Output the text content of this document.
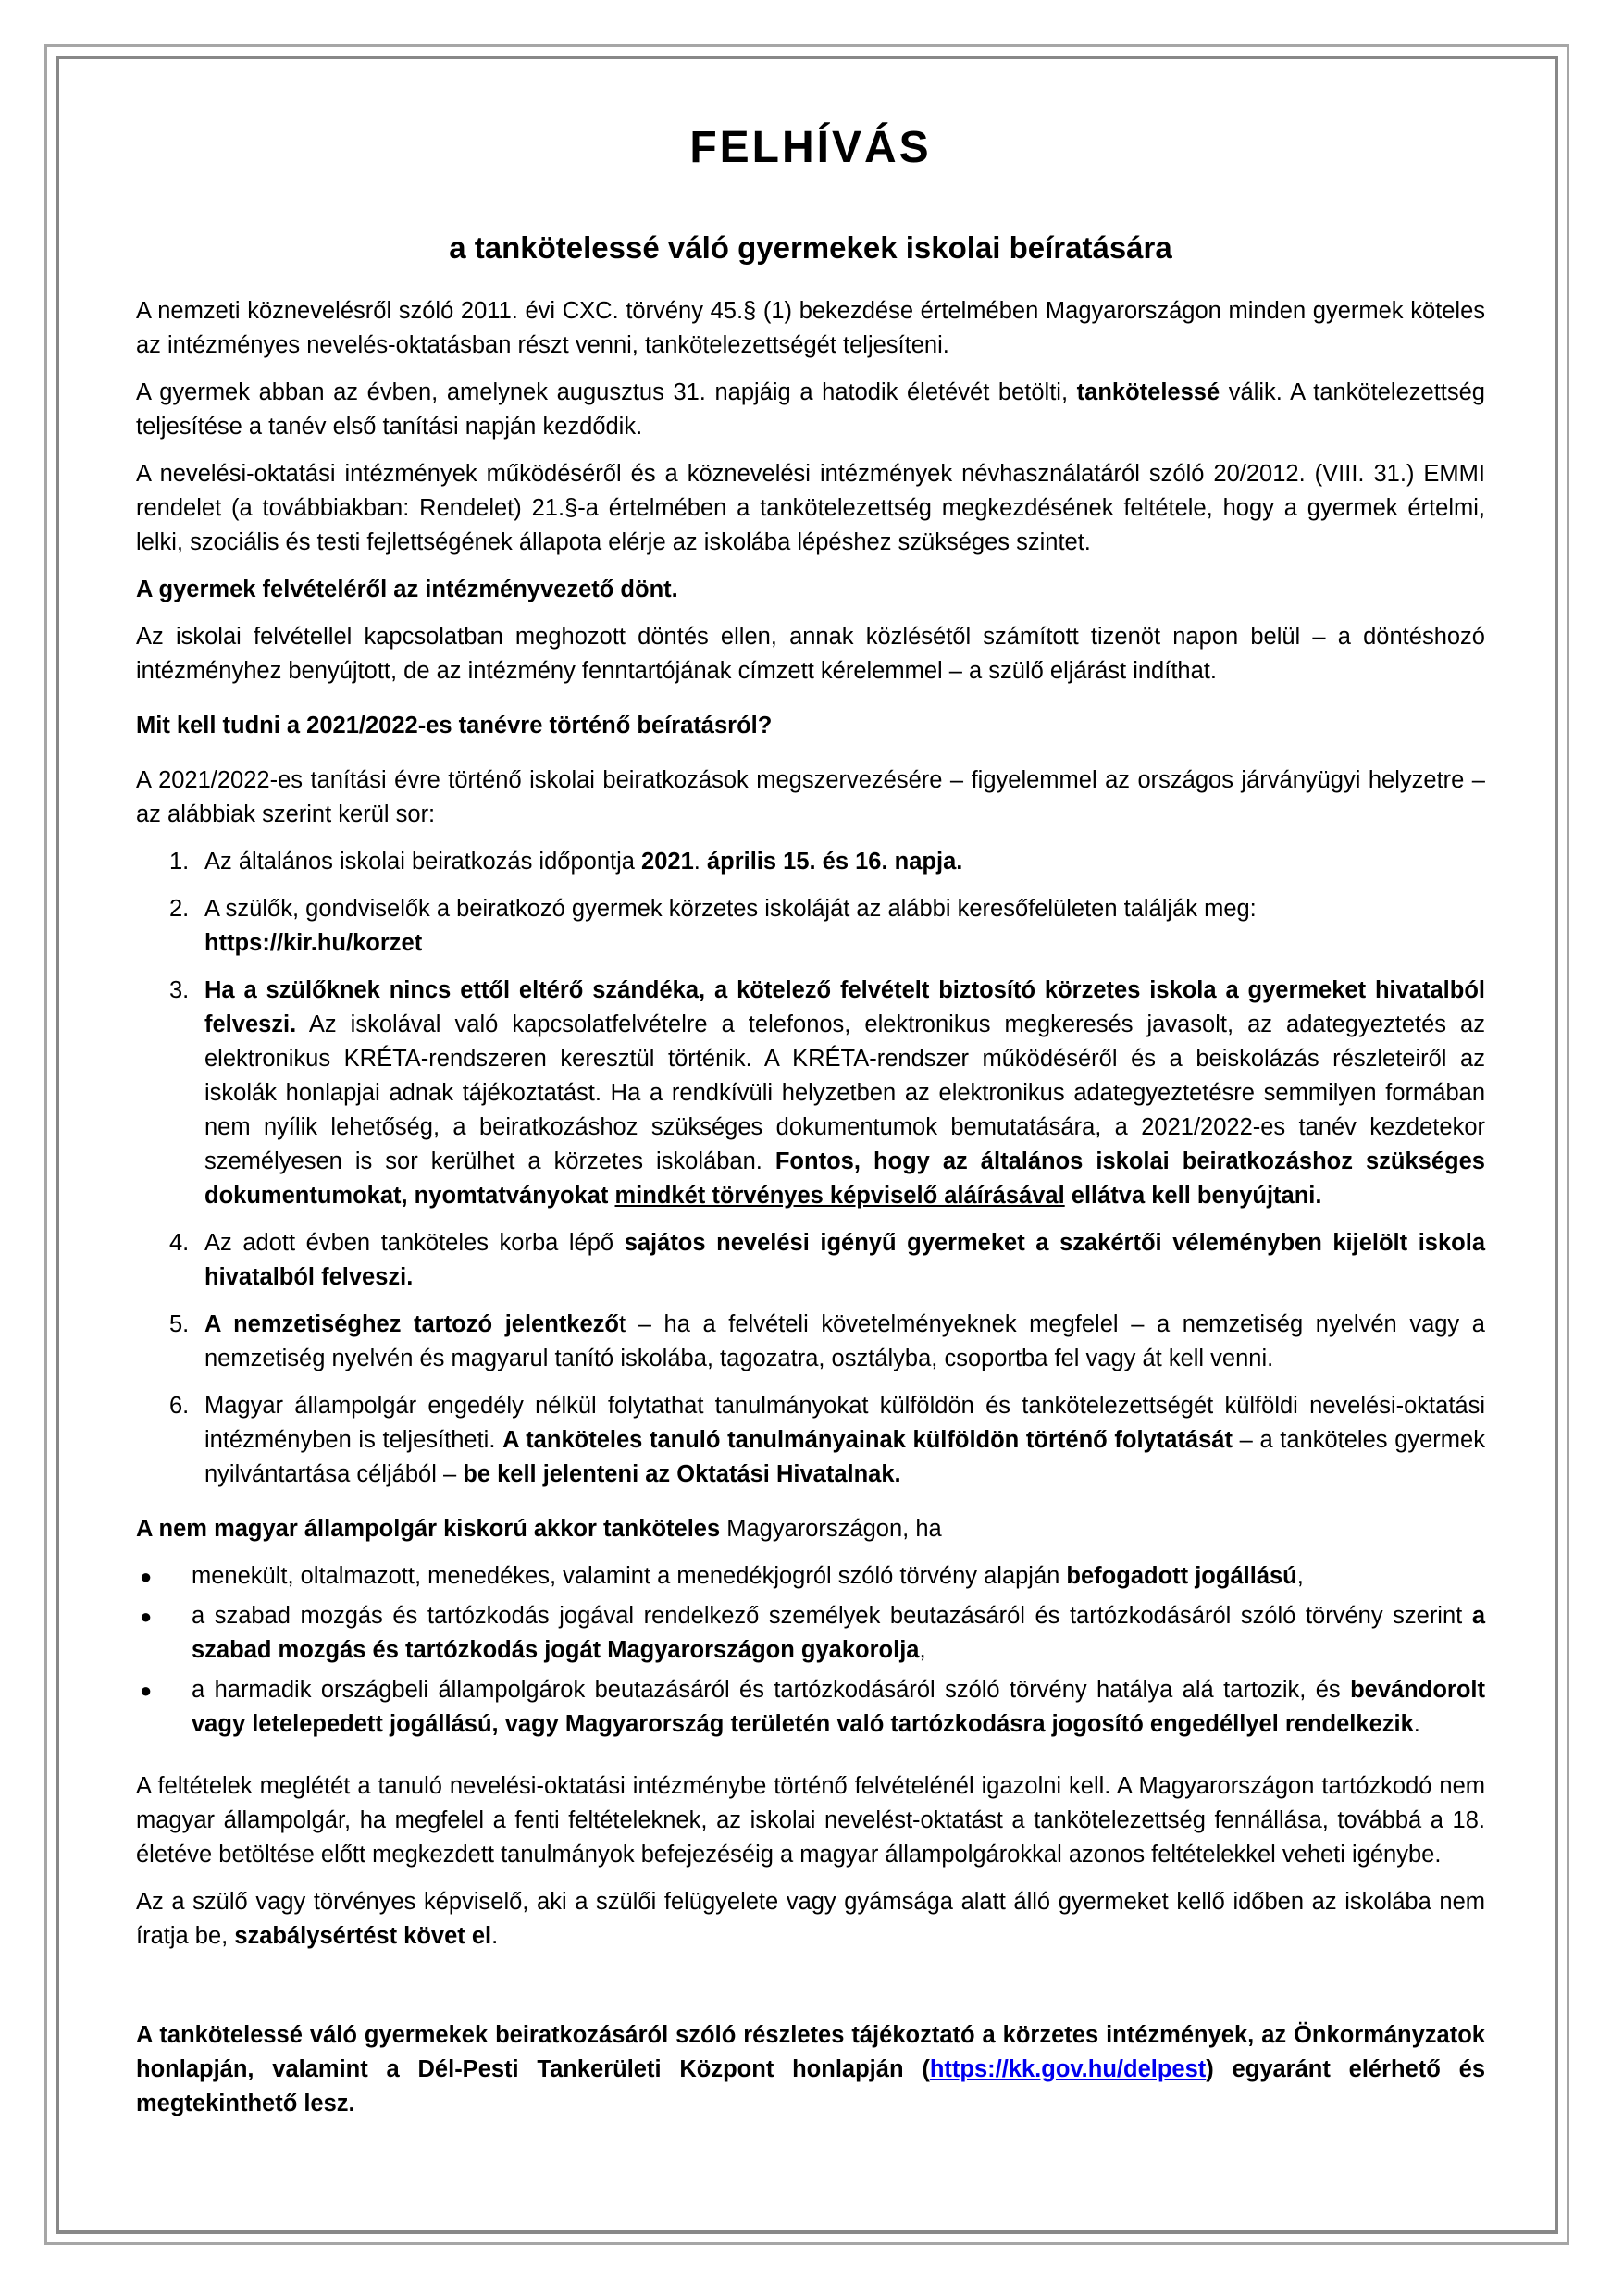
FELHÍVÁS
a tankötelessé váló gyermekek iskolai beíratására

A nemzeti köznevelésről szóló 2011. évi CXC. törvény 45.§ (1) bekezdése értelmében Magyarországon minden gyermek köteles az intézményes nevelés-oktatásban részt venni, tankötelezettségét teljesíteni.

A gyermek abban az évben, amelynek augusztus 31. napjáig a hatodik életévét betölti, tankötelessé válik. A tankötelezettség teljesítése a tanév első tanítási napján kezdődik.

A nevelési-oktatási intézmények működéséről és a köznevelési intézmények névhasználatáról szóló 20/2012. (VIII. 31.) EMMI rendelet (a továbbiakban: Rendelet) 21.§-a értelmében a tankötelezettség megkezdésének feltétele, hogy a gyermek értelmi, lelki, szociális és testi fejlettségének állapota elérje az iskolába lépéshez szükséges szintet.

A gyermek felvételéről az intézményvezető dönt.

Az iskolai felvétellel kapcsolatban meghozott döntés ellen, annak közlésétől számított tizenöt napon belül – a döntéshozó intézményhez benyújtott, de az intézmény fenntartójának címzett kérelemmel – a szülő eljárást indíthat.

Mit kell tudni a 2021/2022-es tanévre történő beíratásról?

A 2021/2022-es tanítási évre történő iskolai beiratkozások megszervezésére – figyelemmel az országos járványügyi helyzetre – az alábbiak szerint kerül sor:

1. Az általános iskolai beiratkozás időpontja 2021. április 15. és 16. napja.
2. A szülők, gondviselők a beiratkozó gyermek körzetes iskoláját az alábbi keresőfelületen találják meg:
https://kir.hu/korzet
3. Ha a szülőknek nincs ettől eltérő szándéka, a kötelező felvételt biztosító körzetes iskola a gyermeket hivatalból felveszi. Az iskolával való kapcsolatfelvételre a telefonos, elektronikus megkeresés javasolt, az adategyeztetés az elektronikus KRÉTA-rendszeren keresztül történik. A KRÉTA-rendszer működéséről és a beiskolázás részleteiről az iskolák honlapjai adnak tájékoztatást. Ha a rendkívüli helyzetben az elektronikus adategyeztetésre semmilyen formában nem nyílik lehetőség, a beiratkozáshoz szükséges dokumentumok bemutatására, a 2021/2022-es tanév kezdetekor személyesen is sor kerülhet a körzetes iskolában. Fontos, hogy az általános iskolai beiratkozáshoz szükséges dokumentumokat, nyomtatványokat mindkét törvényes képviselő aláírásával ellátva kell benyújtani.
4. Az adott évben tanköteles korba lépő sajátos nevelési igényű gyermeket a szakértői véleményben kijelölt iskola hivatalból felveszi.
5. A nemzetiséghez tartozó jelentkezőt – ha a felvételi követelményeknek megfelel – a nemzetiség nyelvén vagy a nemzetiség nyelvén és magyarul tanító iskolába, tagozatra, osztályba, csoportba fel vagy át kell venni.
6. Magyar állampolgár engedély nélkül folytathat tanulmányokat külföldön és tankötelezettségét külföldi nevelési-oktatási intézményben is teljesítheti. A tanköteles tanuló tanulmányainak külföldön történő folytatását – a tanköteles gyermek nyilvántartása céljából – be kell jelenteni az Oktatási Hivatalnak.

A nem magyar állampolgár kiskorú akkor tanköteles Magyarországon, ha

● menekült, oltalmazott, menedékes, valamint a menedékjogról szóló törvény alapján befogadott jogállású,
● a szabad mozgás és tartózkodás jogával rendelkező személyek beutazásáról és tartózkodásáról szóló törvény szerint a szabad mozgás és tartózkodás jogát Magyarországon gyakorolja,
● a harmadik országbeli állampolgárok beutazásáról és tartózkodásáról szóló törvény hatálya alá tartozik, és bevándorolt vagy letelepedett jogállású, vagy Magyarország területén való tartózkodásra jogosító engedéllyel rendelkezik.

A feltételek meglétét a tanuló nevelési-oktatási intézménybe történő felvételénél igazolni kell. A Magyarországon tartózkodó nem magyar állampolgár, ha megfelel a fenti feltételeknek, az iskolai nevelést-oktatást a tankötelezettség fennállása, továbbá a 18. életéve betöltése előtt megkezdett tanulmányok befejezéséig a magyar állampolgárokkal azonos feltételekkel veheti igénybe.

Az a szülő vagy törvényes képviselő, aki a szülői felügyelete vagy gyámsága alatt álló gyermeket kellő időben az iskolába nem íratja be, szabálysértést követ el.

A tankötelessé váló gyermekek beiratkozásáról szóló részletes tájékoztató a körzetes intézmények, az Önkormányzatok honlapján, valamint a Dél-Pesti Tankerületi Központ honlapján (https://kk.gov.hu/delpest) egyaránt elérhető és megtekinthető lesz.
